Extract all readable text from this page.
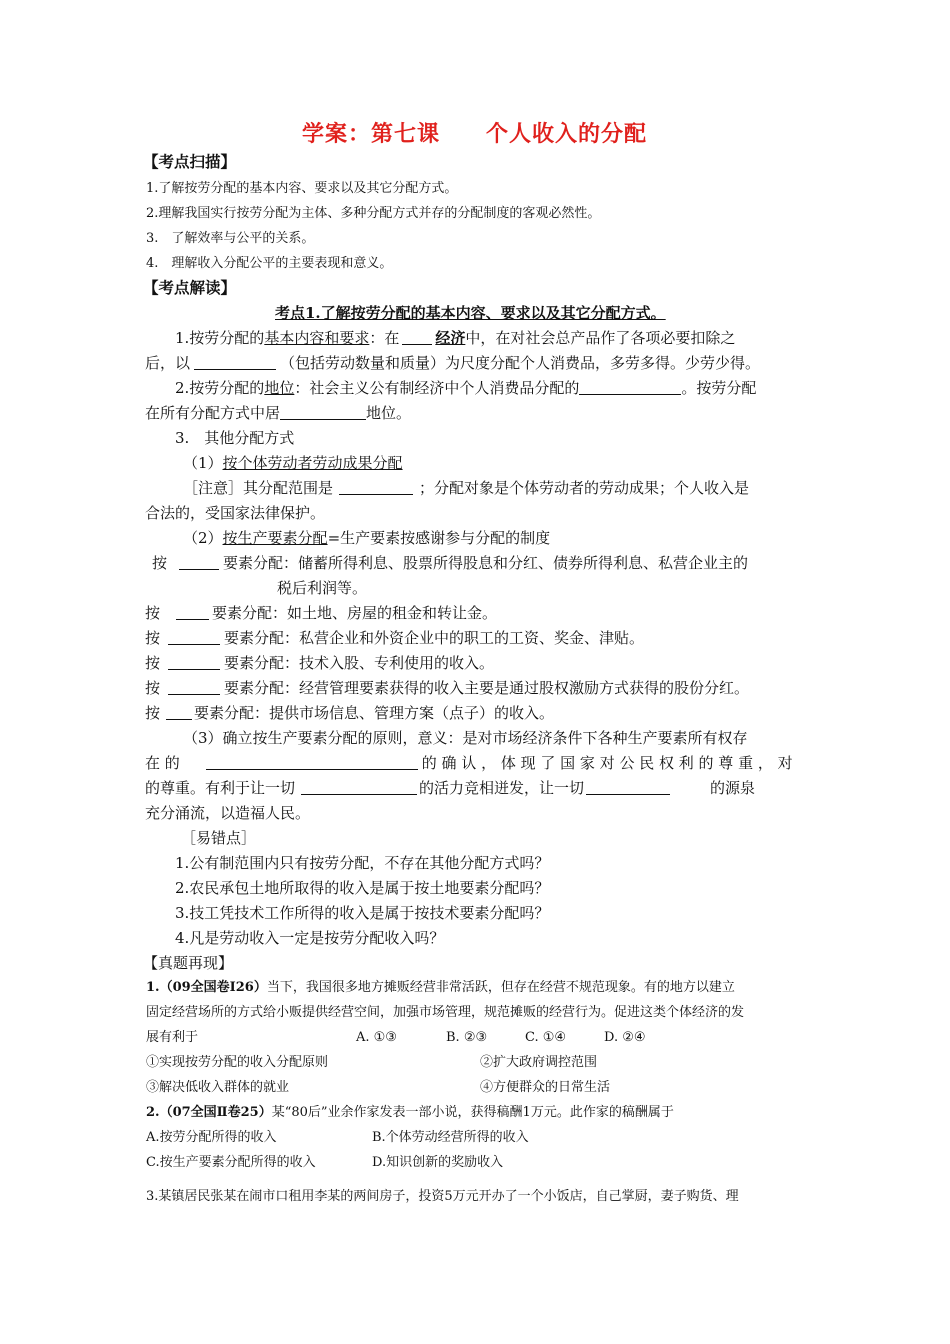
学案：第七课　　个人收入的分配
【考点扫描】
1.了解按劳分配的基本内容、要求以及其它分配方式。
2.理解我国实行按劳分配为主体、多种分配方式并存的分配制度的客观必然性。
3.　了解效率与公平的关系。
4.　理解收入分配公平的主要表现和意义。
【考点解读】
考点1.了解按劳分配的基本内容、要求以及其它分配方式。
1.按劳分配的基本内容和要求：在 经济中，在对社会总产品作了各项必要扣除之
后，以	（包括劳动数量和质量）为尺度分配个人消费品，多劳多得。少劳少得。
2.按劳分配的地位：社会主义公有制经济中个人消费品分配的	。按劳分配
在所有分配方式中居	地位。
3.　其他分配方式
（1）按个体劳动者劳动成果分配
［注意］其分配范围是	；分配对象是个体劳动者的劳动成果；个人收入是
合法的，受国家法律保护。
（2）按生产要素分配=生产要素按感谢参与分配的制度
按	要素分配：储蓄所得利息、股票所得股息和分红、债券所得利息、私营企业主的
税后利润等。
按	要素分配：如土地、房屋的租金和转让金。
按	要素分配：私营企业和外资企业中的职工的工资、奖金、津贴。
按	要素分配：技术入股、专利使用的收入。
按	要素分配：经营管理要素获得的收入主要是通过股权激励方式获得的股份分红。
按 要素分配：提供市场信息、管理方案（点子）的收入。
（3）确立按生产要素分配的原则，意义：是对市场经济条件下各种生产要素所有权存
在 的	的 确 认 ， 体 现 了 国 家 对 公 民 权 利 的 尊 重 ， 对
的尊重。有利于让一切	的活力竞相迸发，让一切	的源泉
充分涌流，以造福人民。
［易错点］
1.公有制范围内只有按劳分配，不存在其他分配方式吗？
2.农民承包土地所取得的收入是属于按土地要素分配吗？
3.技工凭技术工作所得的收入是属于按技术要素分配吗？
4.凡是劳动收入一定是按劳分配收入吗？
【真题再现】
1.（09全国卷Ⅰ26）当下，我国很多地方摊贩经营非常活跃，但存在经营不规范现象。有的地方以建立
固定经营场所的方式给小贩提供经营空间，加强市场管理，规范摊贩的经营行为。促进这类个体经济的发
展有利于	A. ①③	B. ②③	C. ①④	D. ②④
①实现按劳分配的收入分配原则	②扩大政府调控范围
③解决低收入群体的就业	④方便群众的日常生活
2.（07全国Ⅱ卷25）某“80后”业余作家发表一部小说，获得稿酬1万元。此作家的稿酬属于
A.按劳分配所得的收入	B.个体劳动经营所得的收入
C.按生产要素分配所得的收入	D.知识创新的奖励收入
3.某镇居民张某在闹市口租用李某的两间房子，投资5万元开办了一个小饭店，自己掌厨，妻子购货、理
